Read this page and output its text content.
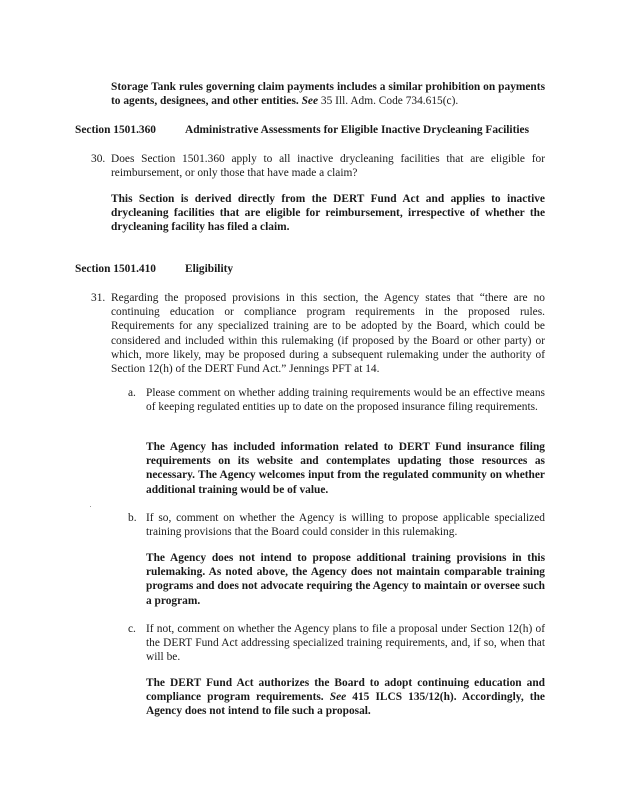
Storage Tank rules governing claim payments includes a similar prohibition on payments to agents, designees, and other entities. See 35 Ill. Adm. Code 734.615(c).

Section 1501.360	Administrative Assessments for Eligible Inactive Drycleaning Facilities

30. Does Section 1501.360 apply to all inactive drycleaning facilities that are eligible for reimbursement, or only those that have made a claim?

This Section is derived directly from the DERT Fund Act and applies to inactive drycleaning facilities that are eligible for reimbursement, irrespective of whether the drycleaning facility has filed a claim.

Section 1501.410	Eligibility

31. Regarding the proposed provisions in this section, the Agency states that “there are no continuing education or compliance program requirements in the proposed rules. Requirements for any specialized training are to be adopted by the Board, which could be considered and included within this rulemaking (if proposed by the Board or other party) or which, more likely, may be proposed during a subsequent rulemaking under the authority of Section 12(h) of the DERT Fund Act.” Jennings PFT at 14.

a. Please comment on whether adding training requirements would be an effective means of keeping regulated entities up to date on the proposed insurance filing requirements.

The Agency has included information related to DERT Fund insurance filing requirements on its website and contemplates updating those resources as necessary. The Agency welcomes input from the regulated community on whether additional training would be of value.

b. If so, comment on whether the Agency is willing to propose applicable specialized training provisions that the Board could consider in this rulemaking.

The Agency does not intend to propose additional training provisions in this rulemaking. As noted above, the Agency does not maintain comparable training programs and does not advocate requiring the Agency to maintain or oversee such a program.

c. If not, comment on whether the Agency plans to file a proposal under Section 12(h) of the DERT Fund Act addressing specialized training requirements, and, if so, when that will be.

The DERT Fund Act authorizes the Board to adopt continuing education and compliance program requirements. See 415 ILCS 135/12(h). Accordingly, the Agency does not intend to file such a proposal.
